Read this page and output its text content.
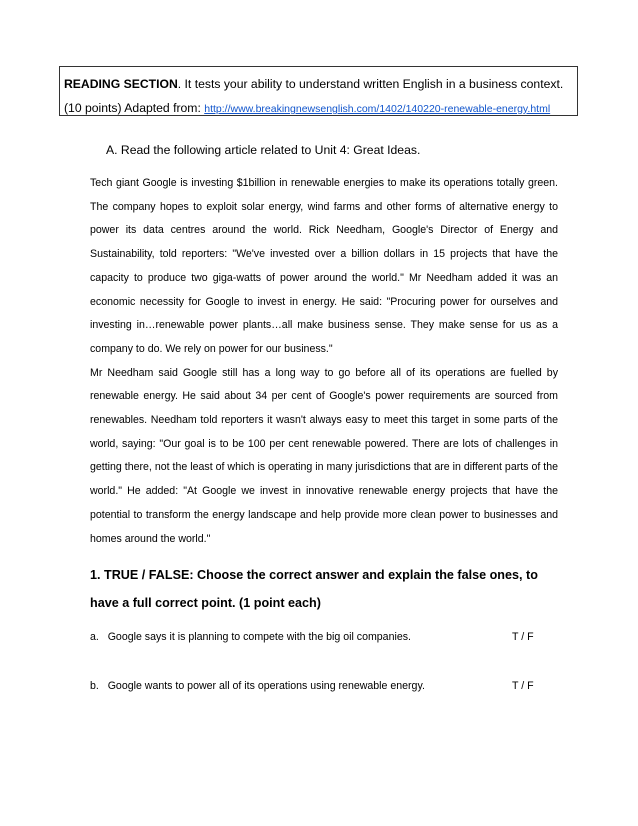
READING SECTION. It tests your ability to understand written English in a business context. (10 points) Adapted from: http://www.breakingnewsenglish.com/1402/140220-renewable-energy.html
A. Read the following article related to Unit 4: Great Ideas.

Tech giant Google is investing $1billion in renewable energies to make its operations totally green. The company hopes to exploit solar energy, wind farms and other forms of alternative energy to power its data centres around the world. Rick Needham, Google's Director of Energy and Sustainability, told reporters: "We've invested over a billion dollars in 15 projects that have the capacity to produce two giga-watts of power around the world." Mr Needham added it was an economic necessity for Google to invest in energy. He said: "Procuring power for ourselves and investing in…renewable power plants…all make business sense. They make sense for us as a company to do. We rely on power for our business."

Mr Needham said Google still has a long way to go before all of its operations are fuelled by renewable energy. He said about 34 per cent of Google's power requirements are sourced from renewables. Needham told reporters it wasn't always easy to meet this target in some parts of the world, saying: "Our goal is to be 100 per cent renewable powered. There are lots of challenges in getting there, not the least of which is operating in many jurisdictions that are in different parts of the world." He added: "At Google we invest in innovative renewable energy projects that have the potential to transform the energy landscape and help provide more clean power to businesses and homes around the world."

1. TRUE / FALSE: Choose the correct answer and explain the false ones, to have a full correct point. (1 point each)
a. Google says it is planning to compete with the big oil companies.	T / F
b. Google wants to power all of its operations using renewable energy.	T / F
